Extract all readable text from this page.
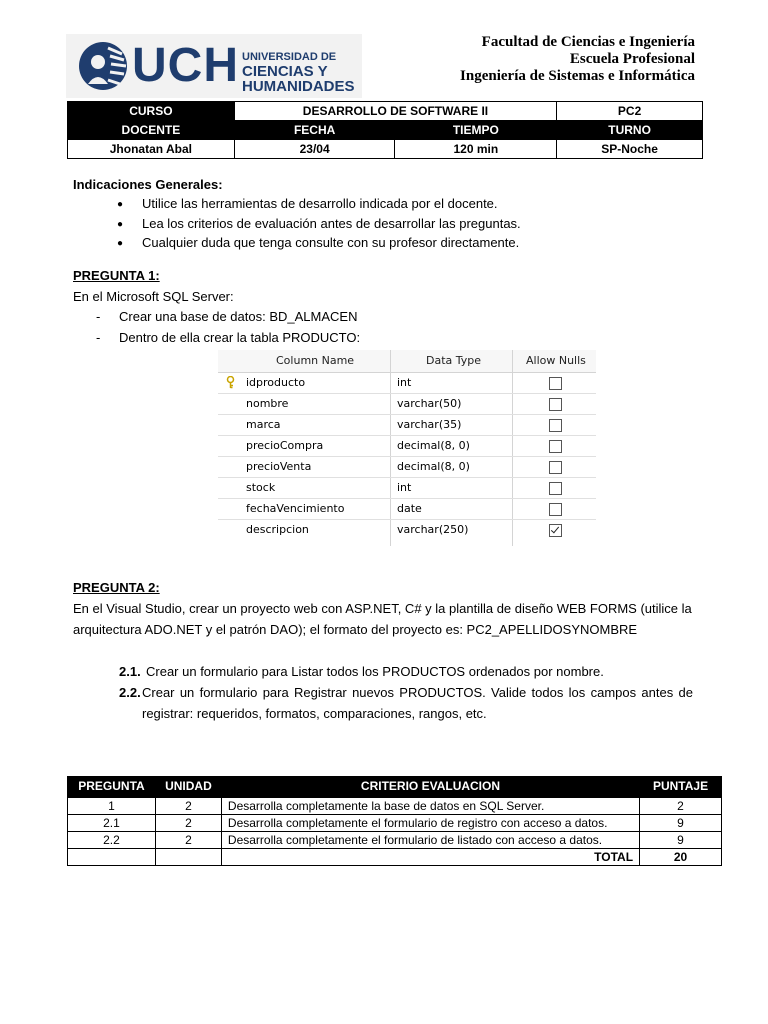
UCH UNIVERSIDAD DE
CIENCIAS Y
HUMANIDADES
Facultad de Ciencias e Ingeniería
Escuela Profesional
Ingeniería de Sistemas e Informática
CURSO	DESARROLLO DE SOFTWARE II		PC2
DOCENTE	FECHA	TIEMPO	TURNO
Jhonatan Abal	23/04	120 min	SP-Noche
Indicaciones Generales:
● Utilice las herramientas de desarrollo indicada por el docente.
● Lea los criterios de evaluación antes de desarrollar las preguntas.
● Cualquier duda que tenga consulte con su profesor directamente.
PREGUNTA 1:
En el Microsoft SQL Server:
- Crear una base de datos: BD_ALMACEN
- Dentro de ella crear la tabla PRODUCTO:
Column Name	Data Type	Allow Nulls
idproducto	int
nombre	varchar(50)
marca	varchar(35)
precioCompra	decimal(8, 0)
precioVenta	decimal(8, 0)
stock	int
fechaVencimiento	date
descripcion	varchar(250)
PREGUNTA 2:
En el Visual Studio, crear un proyecto web con ASP.NET, C# y la plantilla de diseño WEB FORMS (utilice la
arquitectura ADO.NET y el patrón DAO); el formato del proyecto es: PC2_APELLIDOSYNOMBRE
2.1. Crear un formulario para Listar todos los PRODUCTOS ordenados por nombre.
2.2. Crear un formulario para Registrar nuevos PRODUCTOS. Valide todos los campos antes de
registrar: requeridos, formatos, comparaciones, rangos, etc.
PREGUNTA	UNIDAD	CRITERIO EVALUACION	PUNTAJE
1	2	Desarrolla completamente la base de datos en SQL Server.	2
2.1	2	Desarrolla completamente el formulario de registro con acceso a datos.	9
2.2	2	Desarrolla completamente el formulario de listado con acceso a datos.	9
		TOTAL	20
